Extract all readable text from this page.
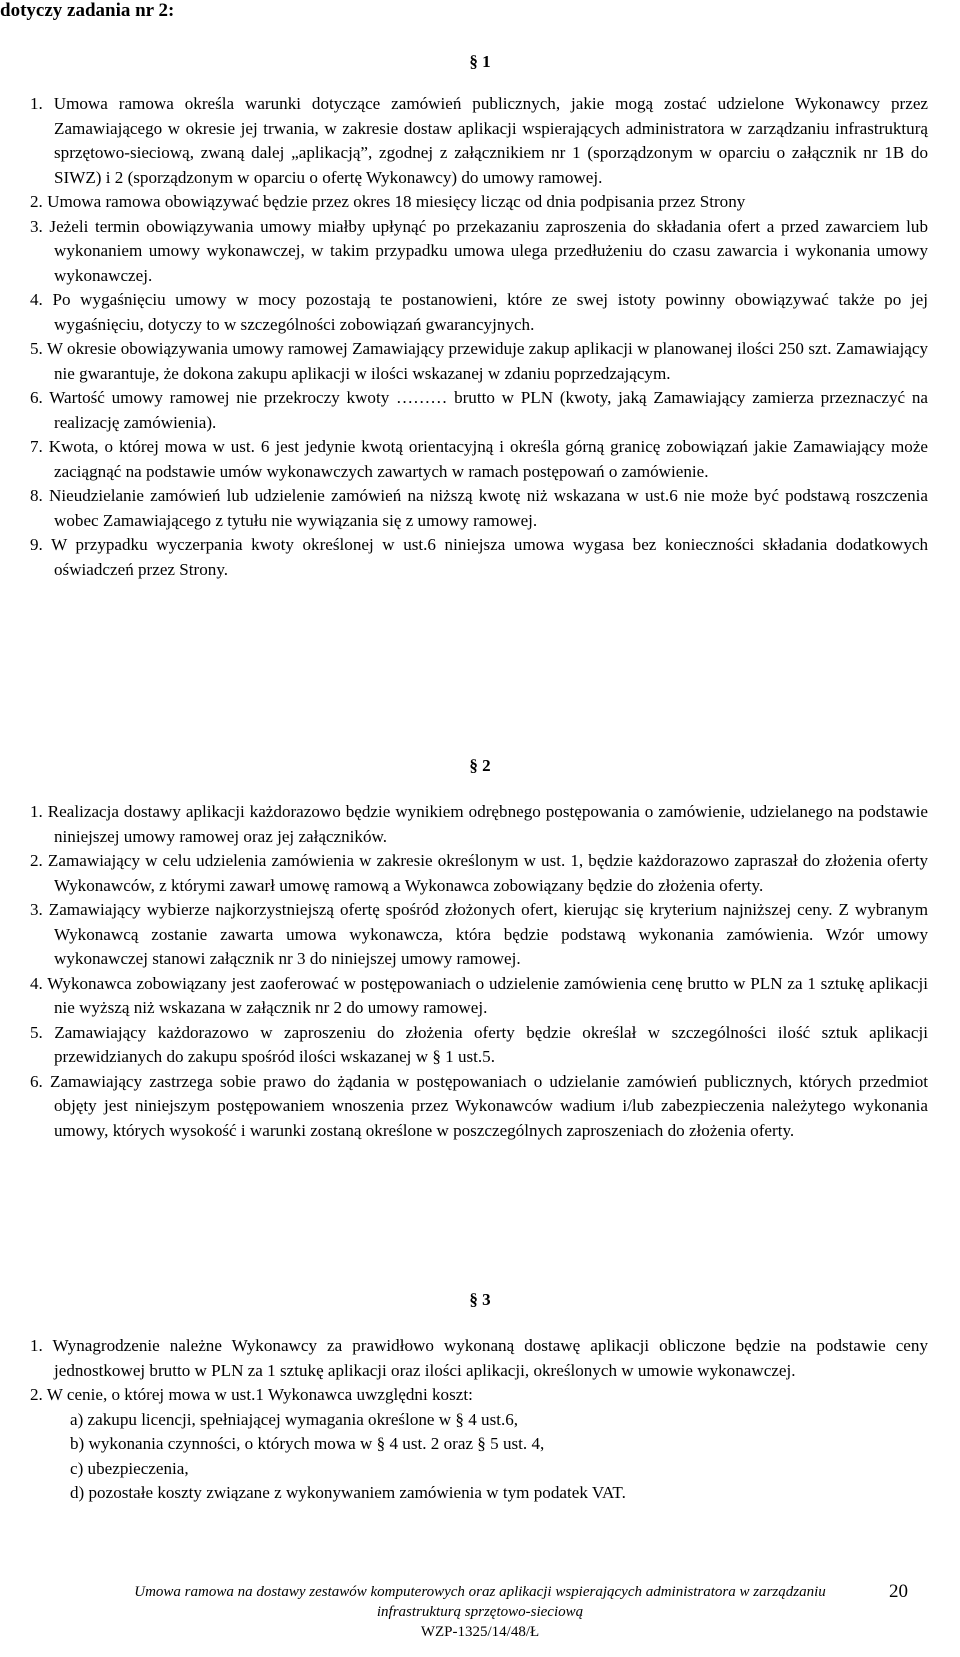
dotyczy zadania nr 2:
§ 1

1. Umowa ramowa określa warunki dotyczące zamówień publicznych, jakie mogą zostać udzielone Wykonawcy przez Zamawiającego w okresie jej trwania, w zakresie dostaw aplikacji wspierających administratora w zarządzaniu infrastrukturą sprzętowo-sieciową, zwaną dalej „aplikacją”, zgodnej z załącznikiem nr 1 (sporządzonym w oparciu o załącznik nr 1B do SIWZ) i 2 (sporządzonym w oparciu o ofertę Wykonawcy) do umowy ramowej.

2. Umowa ramowa obowiązywać będzie przez okres 18 miesięcy licząc od dnia podpisania przez Strony

3. Jeżeli termin obowiązywania umowy miałby upłynąć po przekazaniu zaproszenia do składania ofert a przed zawarciem lub wykonaniem umowy wykonawczej, w takim przypadku umowa ulega przedłużeniu do czasu zawarcia i wykonania umowy wykonawczej.

4. Po wygaśnięciu umowy w mocy pozostają te postanowieni, które ze swej istoty powinny obowiązywać także po jej wygaśnięciu, dotyczy to w szczególności zobowiązań gwarancyjnych.

5. W okresie obowiązywania umowy ramowej Zamawiający przewiduje zakup aplikacji w planowanej ilości 250 szt. Zamawiający nie gwarantuje, że dokona zakupu aplikacji w ilości wskazanej w zdaniu poprzedzającym.

6. Wartość umowy ramowej nie przekroczy kwoty ……… brutto w PLN (kwoty, jaką Zamawiający zamierza przeznaczyć na realizację zamówienia).

7. Kwota, o której mowa w ust. 6 jest jedynie kwotą orientacyjną i określa górną granicę zobowiązań jakie Zamawiający może zaciągnąć na podstawie umów wykonawczych zawartych w ramach postępowań o zamówienie.

8. Nieudzielanie zamówień lub udzielenie zamówień na niższą kwotę niż wskazana w ust.6 nie może być podstawą roszczenia wobec Zamawiającego z tytułu nie wywiązania się z umowy ramowej.

9. W przypadku wyczerpania kwoty określonej w ust.6 niniejsza umowa wygasa bez konieczności składania dodatkowych oświadczeń przez Strony.

§ 2

1. Realizacja dostawy aplikacji każdorazowo będzie wynikiem odrębnego postępowania o zamówienie, udzielanego na podstawie niniejszej umowy ramowej oraz jej załączników.

2. Zamawiający w celu udzielenia zamówienia w zakresie określonym w ust. 1, będzie każdorazowo zapraszał do złożenia oferty Wykonawców, z którymi zawarł umowę ramową a Wykonawca zobowiązany będzie do złożenia oferty.

3. Zamawiający wybierze najkorzystniejszą ofertę spośród złożonych ofert, kierując się kryterium najniższej ceny. Z wybranym Wykonawcą zostanie zawarta umowa wykonawcza, która będzie podstawą wykonania zamówienia. Wzór umowy wykonawczej stanowi załącznik nr 3 do niniejszej umowy ramowej.

4. Wykonawca zobowiązany jest zaoferować w postępowaniach o udzielenie zamówienia cenę brutto w PLN za 1 sztukę aplikacji nie wyższą niż wskazana w załącznik nr 2 do umowy ramowej.

5. Zamawiający każdorazowo w zaproszeniu do złożenia oferty będzie określał w szczególności ilość sztuk aplikacji przewidzianych do zakupu spośród ilości wskazanej w § 1 ust.5.

6. Zamawiający zastrzega sobie prawo do żądania w postępowaniach o udzielanie zamówień publicznych, których przedmiot objęty jest niniejszym postępowaniem wnoszenia przez Wykonawców wadium i/lub zabezpieczenia należytego wykonania umowy, których wysokość i warunki zostaną określone w poszczególnych zaproszeniach do złożenia oferty.

§ 3

1. Wynagrodzenie należne Wykonawcy za prawidłowo wykonaną dostawę aplikacji obliczone będzie na podstawie ceny jednostkowej brutto w PLN za 1 sztukę aplikacji oraz ilości aplikacji, określonych w umowie wykonawczej.

2. W cenie, o której mowa w ust.1 Wykonawca uwzględni koszt:

a) zakupu licencji, spełniającej wymagania określone w § 4 ust.6,

b) wykonania czynności, o których mowa w § 4 ust. 2 oraz § 5 ust. 4,

c) ubezpieczenia,

d) pozostałe koszty związane z wykonywaniem zamówienia w tym podatek VAT.

Umowa ramowa na dostawy zestawów komputerowych oraz aplikacji wspierających administratora w zarządzaniu
infrastrukturą sprzętowo-sieciową
WZP-1325/14/48/Ł
20
